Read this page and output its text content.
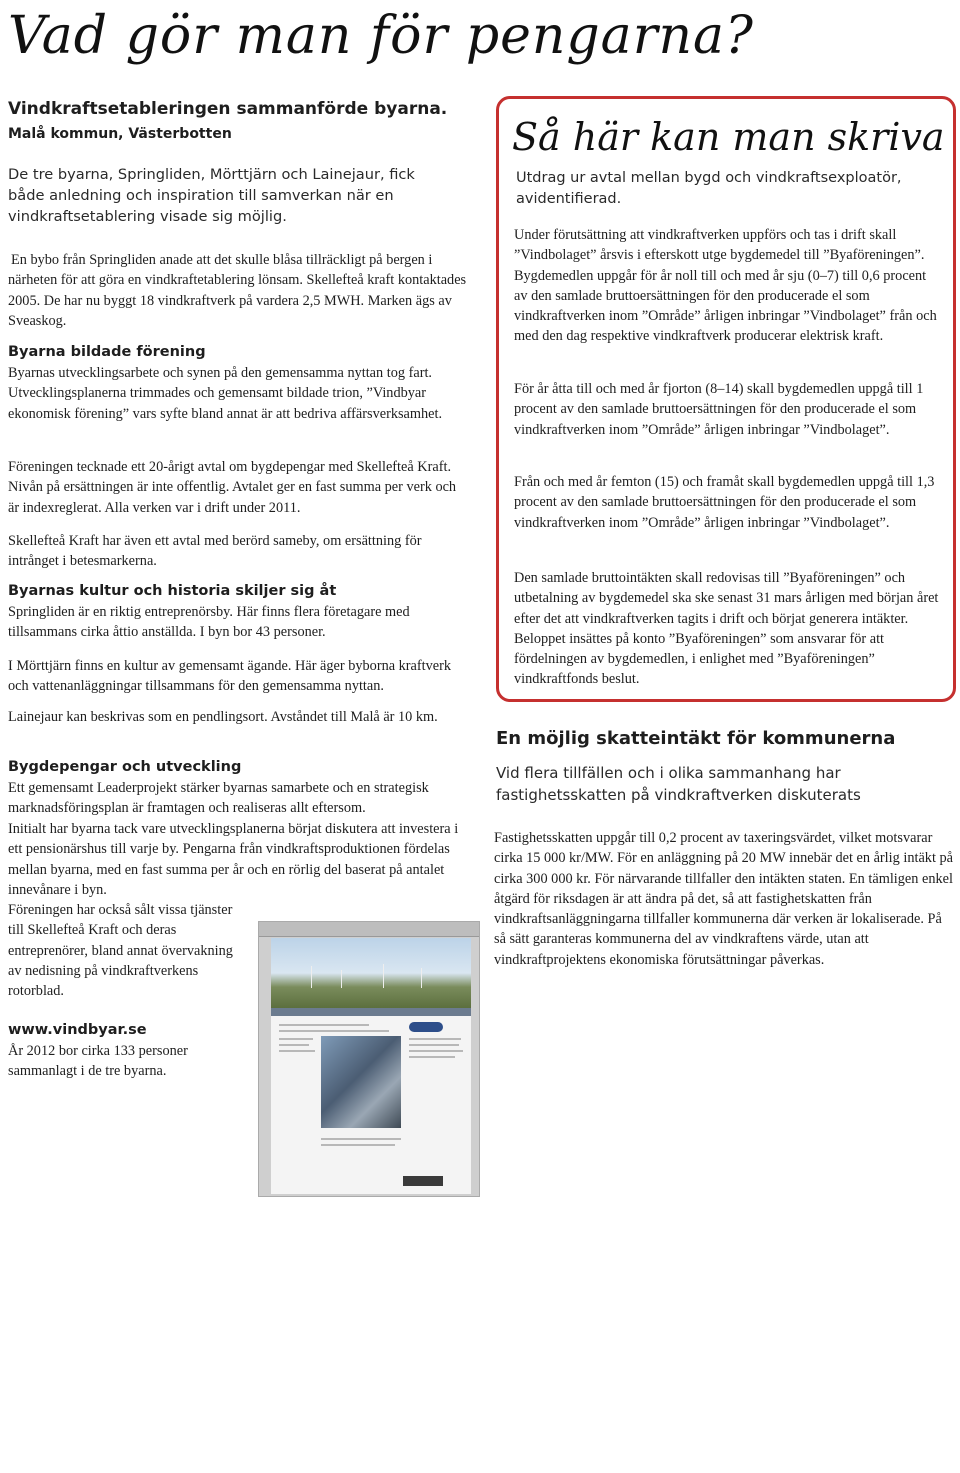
Vad gör man för pengarna?

Vindkraftsetableringen sammanförde byarna.

Malå kommun, Västerbotten

De tre byarna, Springliden, Mörttjärn och Lainejaur, fick både anledning och inspiration till samverkan när en vindkraftsetablering visade sig möjlig.

En bybo från Springliden anade att det skulle blåsa tillräckligt på bergen i närheten för att göra en vindkraftetablering lönsam. Skellefteå kraft kontaktades 2005. De har nu byggt 18 vindkraftverk på vardera 2,5 MWH. Marken ägs av Sveaskog.

Byarna bildade förening

Byarnas utvecklingsarbete och synen på den gemensamma nyttan tog fart. Utvecklingsplanerna trimmades och gemensamt bildade trion, ”Vindbyar ekonomisk förening” vars syfte bland annat är att bedriva affärsverksamhet.

Föreningen tecknade ett 20-årigt avtal om bygdepengar med Skellefteå Kraft. Nivån på ersättningen är inte offentlig. Avtalet ger en fast summa per verk och är indexreglerat. Alla verken var i drift under 2011.

Skellefteå Kraft har även ett avtal med berörd sameby, om ersättning för intrånget i betesmarkerna.

Byarnas kultur och historia skiljer sig åt

Springliden är en riktig entreprenörsby. Här finns flera företagare med tillsammans cirka åttio anställda. I byn bor 43 personer.

I Mörttjärn finns en kultur av gemensamt ägande. Här äger byborna kraftverk och vattenanläggningar tillsammans för den gemensamma nyttan.

Lainejaur kan beskrivas som en pendlingsort. Avståndet till Malå är 10 km.

Bygdepengar och utveckling

Ett gemensamt Leaderprojekt stärker byarnas samarbete och en strategisk marknadsföringsplan är framtagen och realiseras allt eftersom.

Initialt har byarna tack vare utvecklingsplanerna börjat diskutera att investera i ett pensionärshus till varje by. Pengarna från vindkraftsproduktionen fördelas mellan byarna, med en fast summa per år och en rörlig del baserat på antalet innevånare i byn.

Föreningen har också sålt vissa tjänster till Skellefteå Kraft och deras entreprenörer, bland annat övervakning av nedisning på vindkraftverkens rotorblad.

www.vindbyar.se

År 2012 bor cirka 133 personer sammanlagt i de tre byarna.

Så här kan man skriva

Utdrag ur avtal mellan bygd och vindkraftsexploatör, avidentifierad.

Under förutsättning att vindkraftverken uppförs och tas i drift skall ”Vindbolaget” årsvis i efterskott utge bygdemedel till ”Byaföreningen”. Bygdemedlen uppgår för år noll till och med år sju (0–7) till 0,6 procent av den samlade bruttoersättningen för den producerade el som vindkraftverken inom ”Område” årligen inbringar ”Vindbolaget” från och med den dag respektive vindkraftverk producerar elektrisk kraft.

För år åtta till och med år fjorton (8–14) skall bygdemedlen uppgå till 1 procent av den samlade bruttoersättningen för den producerade el som vindkraftverken inom ”Område” årligen inbringar ”Vindbolaget”.

Från och med år femton (15) och framåt skall bygdemedlen uppgå till 1,3 procent av den samlade bruttoersättningen för den producerade el som vindkraftverken inom ”Område” årligen inbringar ”Vindbolaget”.

Den samlade bruttointäkten skall redovisas till ”Byaföreningen” och utbetalning av bygdemedel ska ske senast 31 mars årligen med början året efter det att vindkraftverken tagits i drift och börjat generera intäkter. Beloppet insättes på konto ”Byaföreningen” som ansvarar för att fördelningen av bygdemedlen, i enlighet med ”Byaföreningen” vindkraftfonds beslut.

En möjlig skatteintäkt för kommunerna

Vid flera tillfällen och i olika sammanhang har fastighetsskatten på vindkraftverken diskuterats

Fastighetsskatten uppgår till 0,2 procent av taxeringsvärdet, vilket motsvarar cirka 15 000 kr/MW. För en anläggning på 20 MW innebär det en årlig intäkt på cirka 300 000 kr. För närvarande tillfaller den intäkten staten. En tämligen enkel åtgärd för riksdagen är att ändra på det, så att fastighetskatten från vindkraftsanläggningarna tillfaller kommunerna där verken är lokaliserade. På så sätt garanteras kommunerna del av vindkraftens värde, utan att vindkraftprojektens ekonomiska förutsättningar påverkas.
